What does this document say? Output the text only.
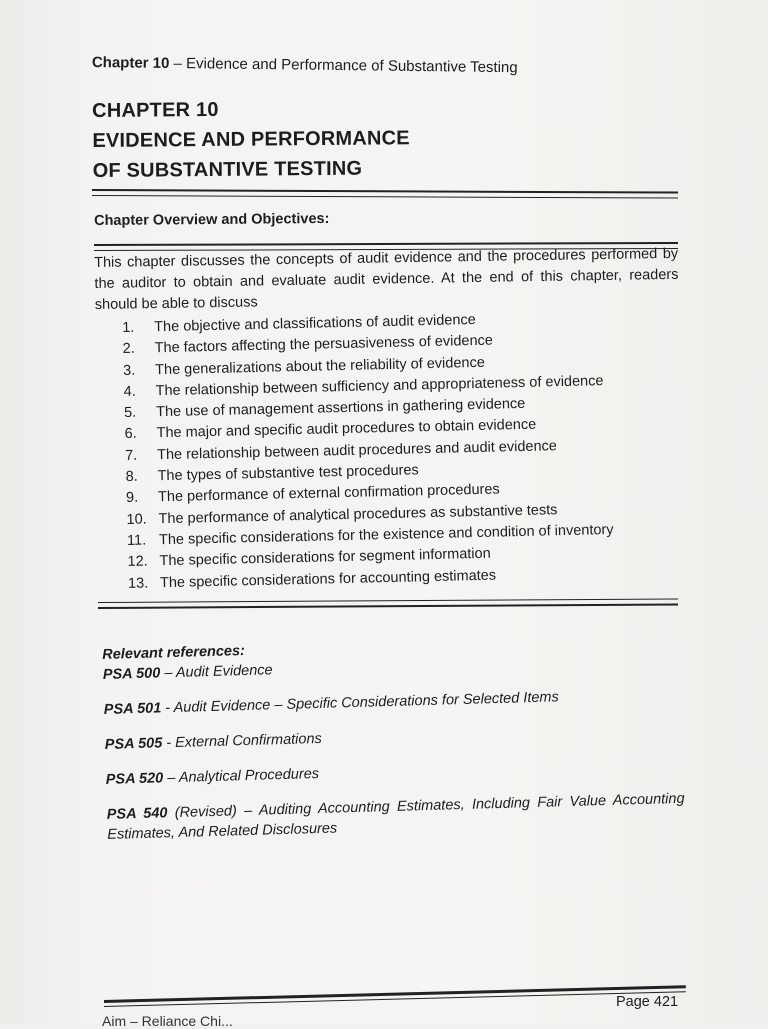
Chapter 10 – Evidence and Performance of Substantive Testing
CHAPTER 10
EVIDENCE AND PERFORMANCE
OF SUBSTANTIVE TESTING
Chapter Overview and Objectives:
This chapter discusses the concepts of audit evidence and the procedures performed by the auditor to obtain and evaluate audit evidence. At the end of this chapter, readers should be able to discuss
1.	The objective and classifications of audit evidence
2.	The factors affecting the persuasiveness of evidence
3.	The generalizations about the reliability of evidence
4.	The relationship between sufficiency and appropriateness of evidence
5.	The use of management assertions in gathering evidence
6.	The major and specific audit procedures to obtain evidence
7.	The relationship between audit procedures and audit evidence
8.	The types of substantive test procedures
9.	The performance of external confirmation procedures
10. The performance of analytical procedures as substantive tests
11. The specific considerations for the existence and condition of inventory
12. The specific considerations for segment information
13. The specific considerations for accounting estimates
Relevant references:
PSA 500 – Audit Evidence
PSA 501 - Audit Evidence – Specific Considerations for Selected Items
PSA 505 - External Confirmations
PSA 520 – Analytical Procedures
PSA 540 (Revised) – Auditing Accounting Estimates, Including Fair Value Accounting Estimates, And Related Disclosures
Page 421
Aim – Reliance Chi...
